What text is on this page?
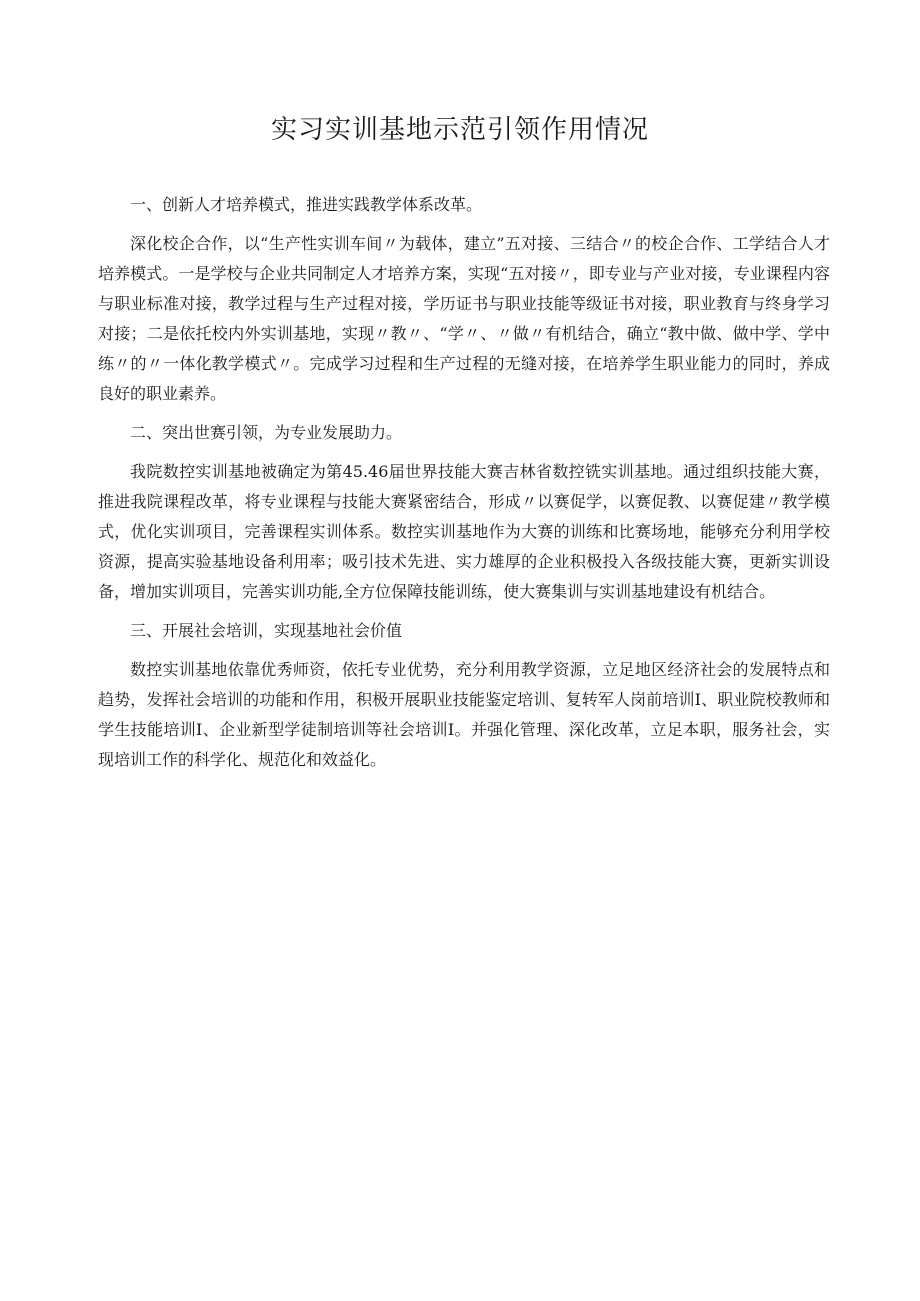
实习实训基地示范引领作用情况

一、创新人才培养模式，推进实践教学体系改革。

深化校企合作，以“生产性实训车间〃为载体，建立”五对接、三结合〃的校企合作、工学结合人才培养模式。一是学校与企业共同制定人才培养方案，实现“五对接〃，即专业与产业对接，专业课程内容与职业标准对接，教学过程与生产过程对接，学历证书与职业技能等级证书对接，职业教育与终身学习对接；二是依托校内外实训基地，实现〃教〃、“学〃、〃做〃有机结合，确立“教中做、做中学、学中练〃的〃一体化教学模式〃。完成学习过程和生产过程的无缝对接，在培养学生职业能力的同时，养成良好的职业素养。

二、突出世赛引领，为专业发展助力。

我院数控实训基地被确定为第45.46届世界技能大赛吉林省数控铣实训基地。通过组织技能大赛，推进我院课程改革，将专业课程与技能大赛紧密结合，形成〃以赛促学，以赛促教、以赛促建〃教学模式，优化实训项目，完善课程实训体系。数控实训基地作为大赛的训练和比赛场地，能够充分利用学校资源，提高实验基地设备利用率；吸引技术先进、实力雄厚的企业积极投入各级技能大赛，更新实训设备，增加实训项目，完善实训功能,全方位保障技能训练，使大赛集训与实训基地建设有机结合。

三、开展社会培训，实现基地社会价值

数控实训基地依靠优秀师资，依托专业优势，充分利用教学资源，立足地区经济社会的发展特点和趋势，发挥社会培训的功能和作用，积极开展职业技能鉴定培训、复转军人岗前培训I、职业院校教师和学生技能培训I、企业新型学徒制培训等社会培训I。并强化管理、深化改革，立足本职，服务社会，实现培训工作的科学化、规范化和效益化。
